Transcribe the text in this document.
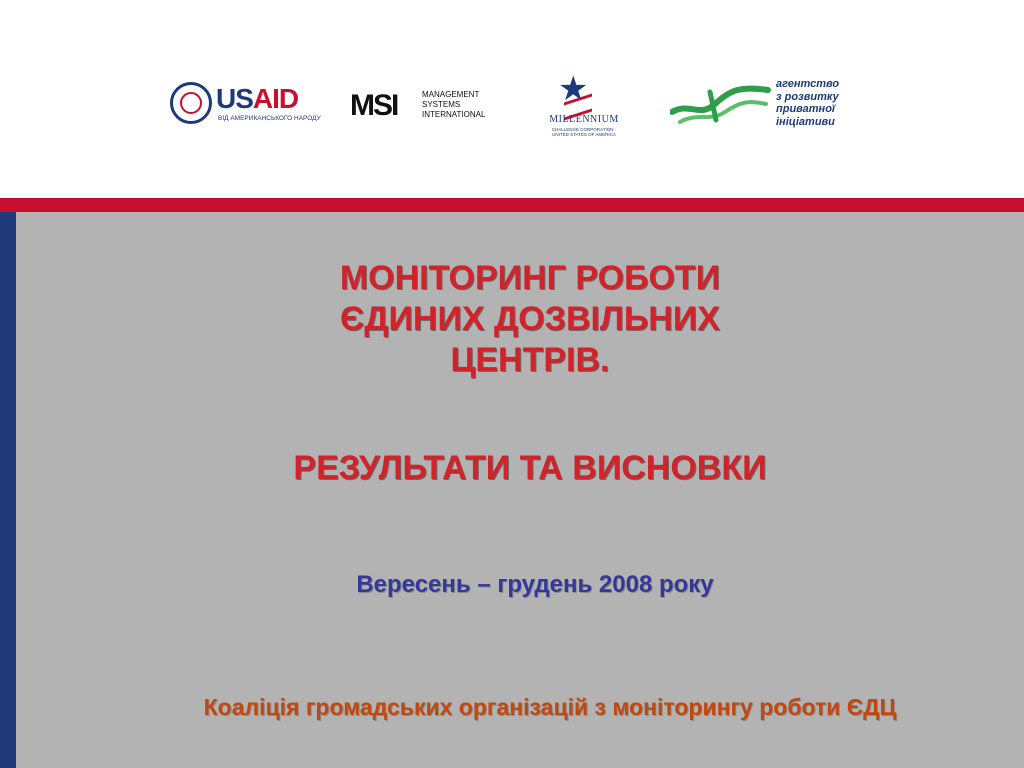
USAID
ВІД АМЕРИКАНСЬКОГО НАРОДУ MSI	MANAGEMENT
SYSTEMS
INTERNATIONAL
★
MILLENNIUM
CHALLENGE CORPORATION · UNITED STATES OF AMERICA
агентство
з розвитку
приватної
ініціативи
МОНІТОРИНГ РОБОТИ
ЄДИНИХ ДОЗВІЛЬНИХ
ЦЕНТРІВ.
РЕЗУЛЬТАТИ ТА ВИСНОВКИ
Вересень – грудень 2008 року
Коаліція громадських організацій з моніторингу роботи ЄДЦ
